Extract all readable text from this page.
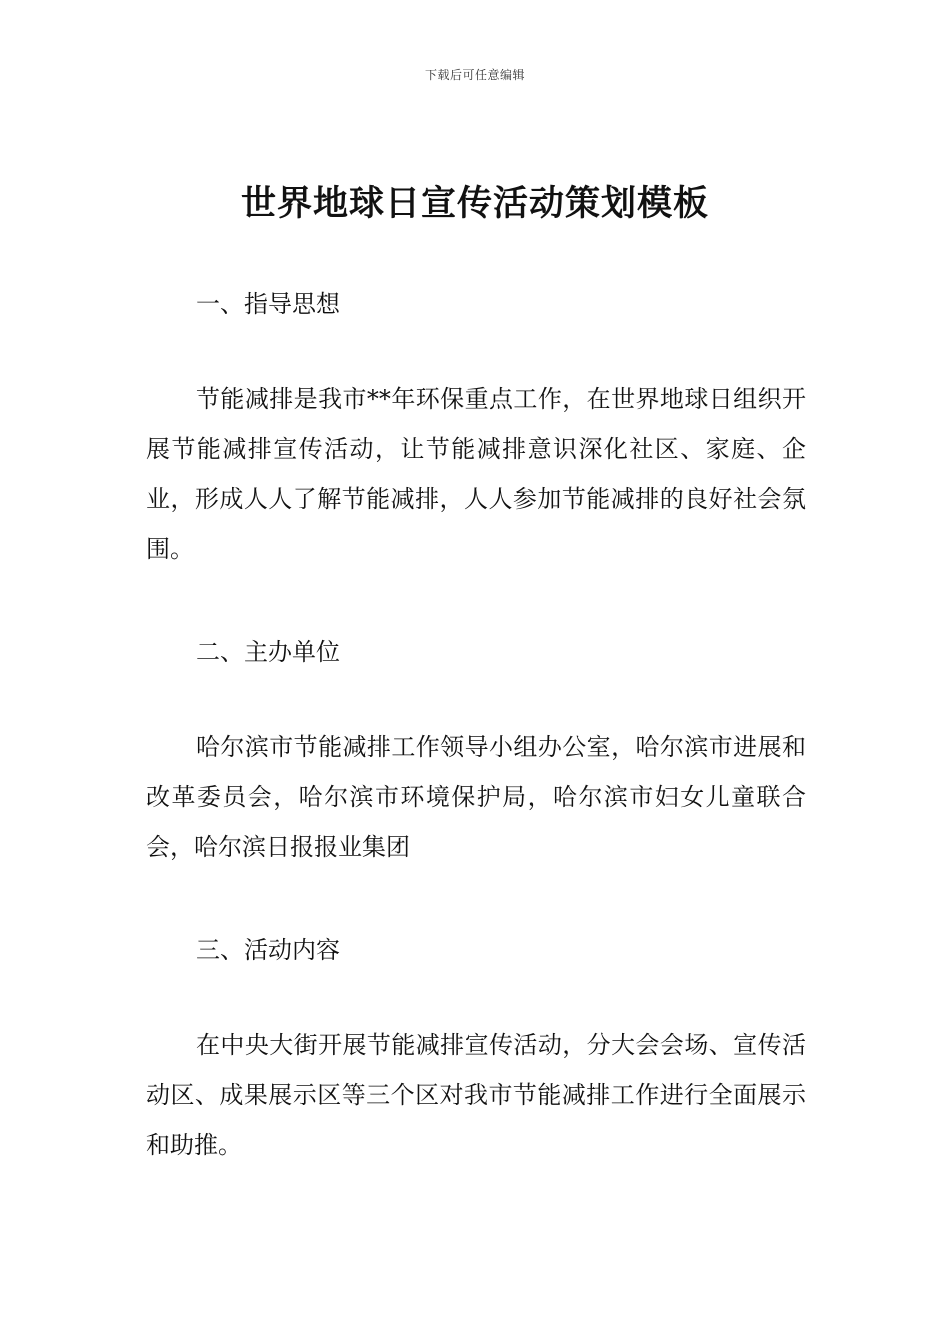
下载后可任意编辑
世界地球日宣传活动策划模板
一、指导思想

节能减排是我市**年环保重点工作，在世界地球日组织开展节能减排宣传活动，让节能减排意识深化社区、家庭、企业，形成人人了解节能减排，人人参加节能减排的良好社会氛围。

二、主办单位

哈尔滨市节能减排工作领导小组办公室，哈尔滨市进展和改革委员会，哈尔滨市环境保护局，哈尔滨市妇女儿童联合会，哈尔滨日报报业集团

三、活动内容

在中央大街开展节能减排宣传活动，分大会会场、宣传活动区、成果展示区等三个区对我市节能减排工作进行全面展示和助推。
